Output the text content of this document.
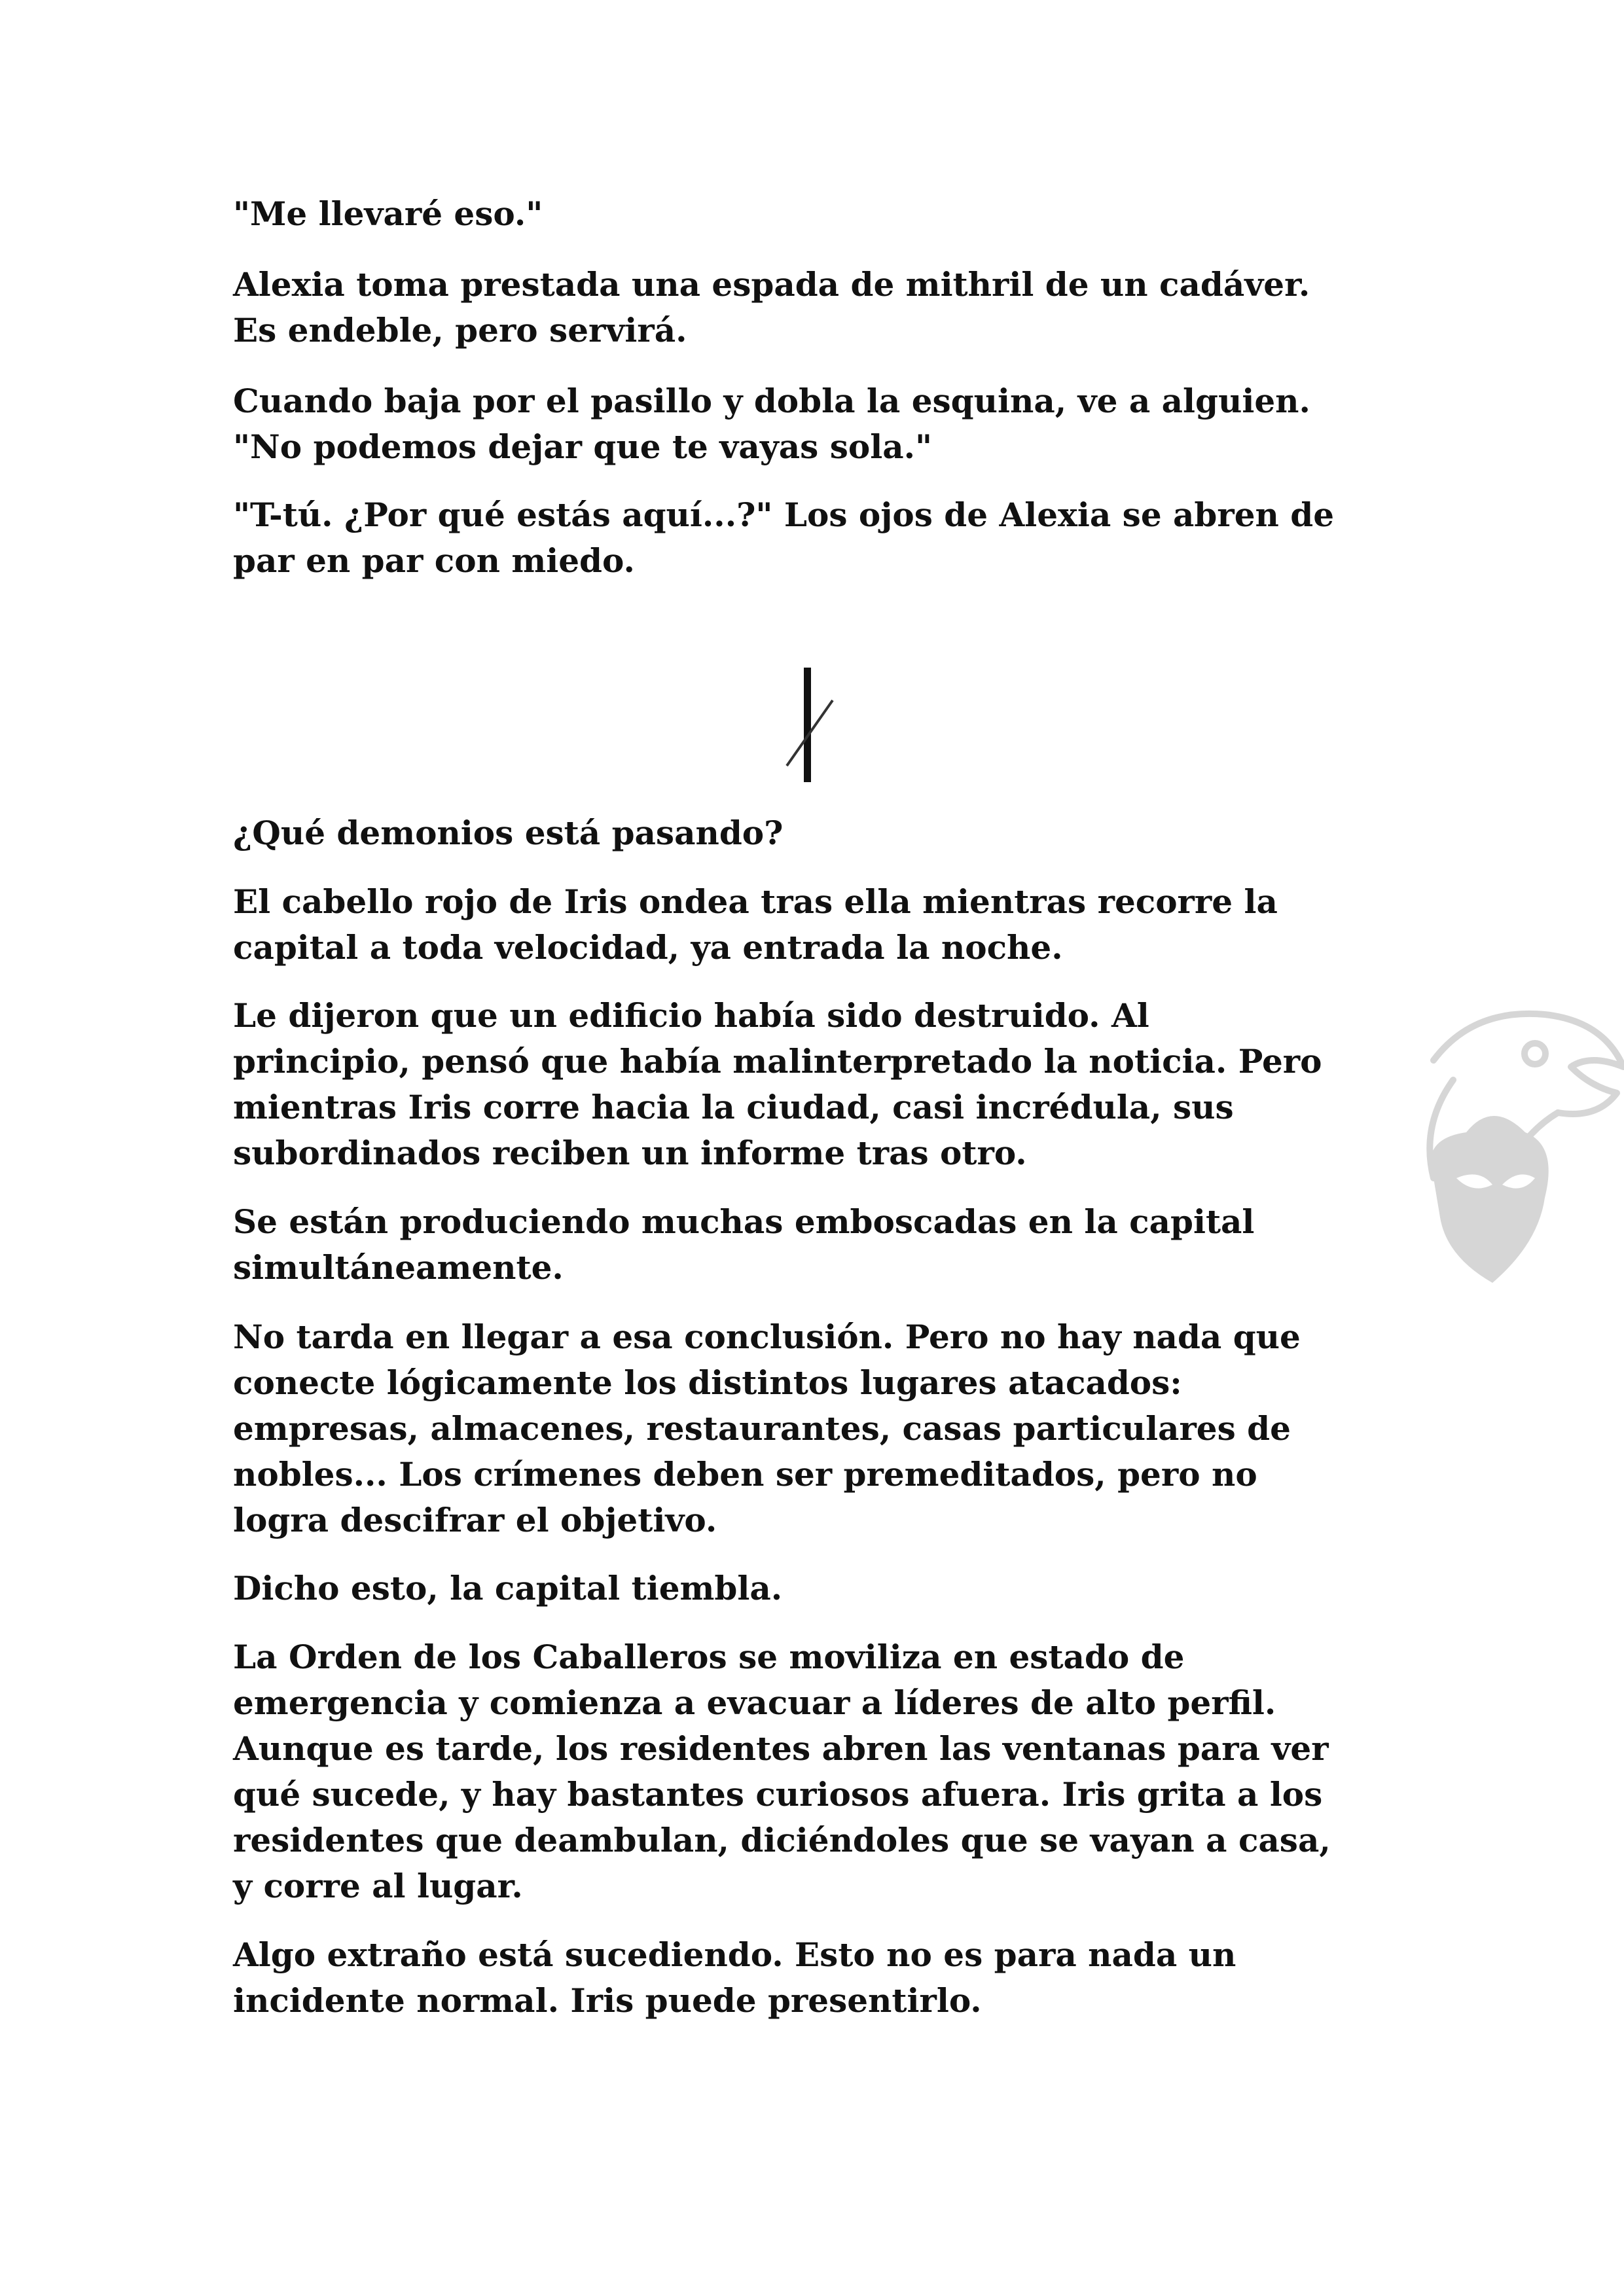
"Me llevaré eso."

Alexia toma prestada una espada de mithril de un cadáver.
Es endeble, pero servirá.

Cuando baja por el pasillo y dobla la esquina, ve a alguien.
"No podemos dejar que te vayas sola."

"T-tú. ¿Por qué estás aquí...?" Los ojos de Alexia se abren de
par en par con miedo.

¿Qué demonios está pasando?

El cabello rojo de Iris ondea tras ella mientras recorre la
capital a toda velocidad, ya entrada la noche.

Le dijeron que un edificio había sido destruido. Al
principio, pensó que había malinterpretado la noticia. Pero
mientras Iris corre hacia la ciudad, casi incrédula, sus
subordinados reciben un informe tras otro.

Se están produciendo muchas emboscadas en la capital
simultáneamente.

No tarda en llegar a esa conclusión. Pero no hay nada que
conecte lógicamente los distintos lugares atacados:
empresas, almacenes, restaurantes, casas particulares de
nobles... Los crímenes deben ser premeditados, pero no
logra descifrar el objetivo.

Dicho esto, la capital tiembla.

La Orden de los Caballeros se moviliza en estado de
emergencia y comienza a evacuar a líderes de alto perfil.
Aunque es tarde, los residentes abren las ventanas para ver
qué sucede, y hay bastantes curiosos afuera. Iris grita a los
residentes que deambulan, diciéndoles que se vayan a casa,
y corre al lugar.

Algo extraño está sucediendo. Esto no es para nada un
incidente normal. Iris puede presentirlo.
